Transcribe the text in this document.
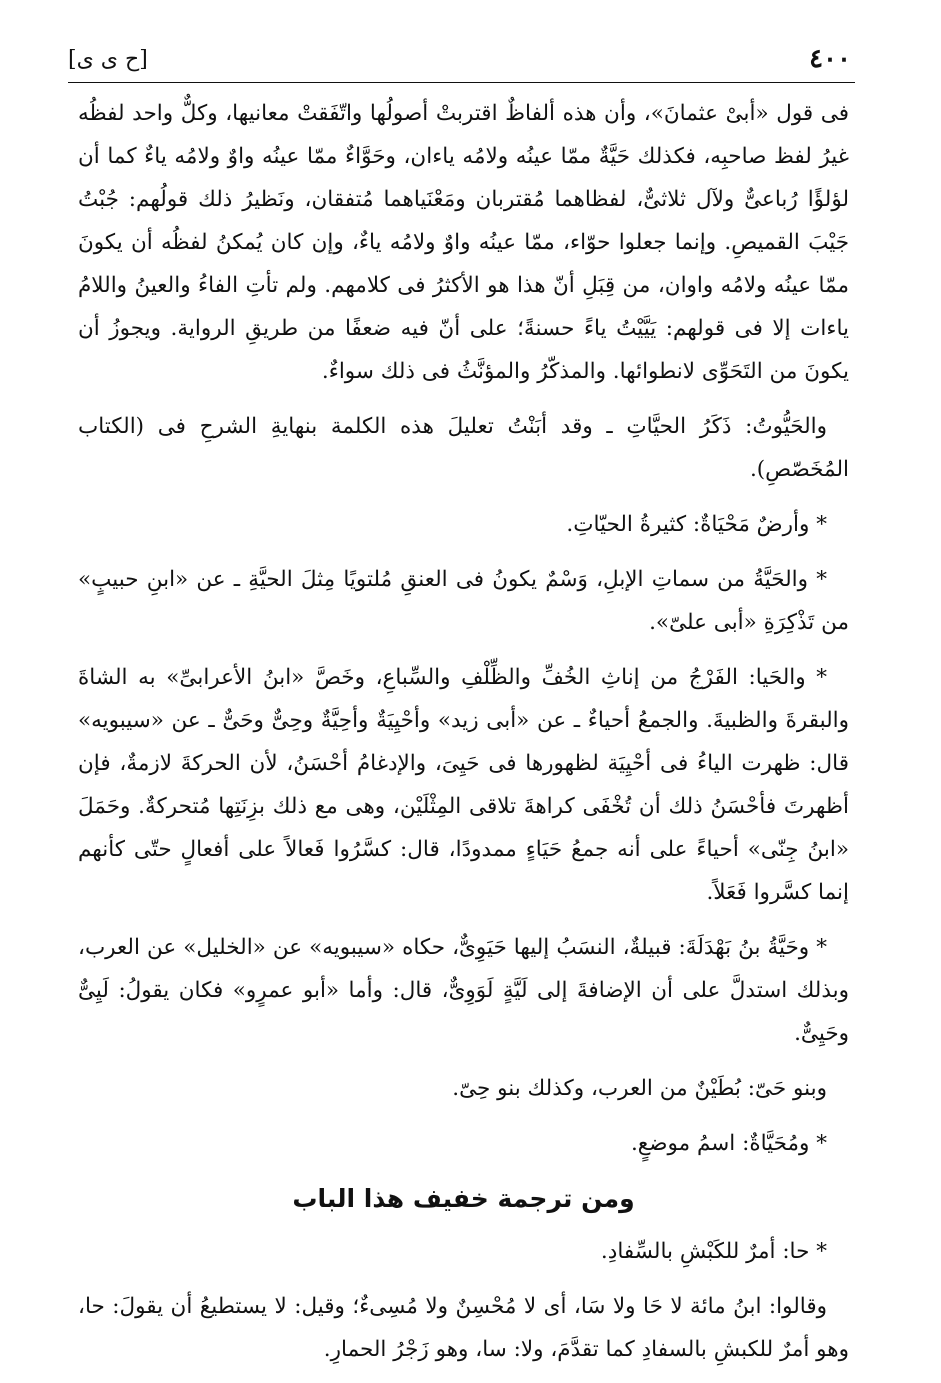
[ح ى ى]	٤٠٠

فى قول «أبىْ عثمانَ»، وأن هذه ألفاظٌ اقتربتْ أصولُها واتّفَقتْ معانيها، وكلٌّ واحد لفظُه غيرُ لفظ صاحبِه، فكذلك حَيَّةٌ ممّا عينُه ولامُه ياءان، وحَوَّاءٌ ممّا عينُه واوٌ ولامُه ياءٌ كما أن لؤلؤًا رُباعىٌّ ولآل ثلاثىٌّ، لفظاهما مُقتربان ومَعْنَياهما مُتفقان، ونَظيرُ ذلك قولُهم: جُبْتُ جَيْبَ القميصِ. وإنما جعلوا حوّاء، ممّا عينُه واوٌ ولامُه ياءٌ، وإن كان يُمكنُ لفظُه أن يكونَ ممّا عينُه ولامُه واوان، من قِبَلِ أنّ هذا هو الأكثرُ فى كلامهم. ولم تأتِ الفاءُ والعينُ واللامُ ياءات إلا فى قولهم: يَيَّيْتُ ياءً حسنةً؛ على أنّ فيه ضعفًا من طريقِ الرواية. ويجوزُ أن يكونَ من التَحَوِّى لانطوائها. والمذكّرُ والمؤنَّثُ فى ذلك سواءٌ.

والحَيُّوتُ: ذَكَرُ الحيَّاتِ ـ وقد أبَنْتُ تعليلَ هذه الكلمة بنهايةِ الشرحِ فى (الكتاب المُخَصّصِ).

* وأرضٌ مَحْيَاةٌ: كثيرةُ الحيّاتِ.

* والحَيَّةُ من سماتِ الإبلِ، وَسْمٌ يكونُ فى العنقِ مُلتويًا مِثلَ الحيَّةِ ـ عن «ابنِ حبيبٍ» من تَذْكِرَةِ «أبى علىّ».

* والحَيا: الفَرْجُ من إناثِ الخُفِّ والظِّلْفِ والسِّباعِ، وخَصَّ «ابنُ الأعرابىِّ» به الشاةَ والبقرةَ والظبيةَ. والجمعُ أحياءٌ ـ عن «أبى زيد» وأحْيِيَةٌ وأحِيَّةٌ وحِىٌّ وحَىٌّ ـ عن «سيبويه» قال: ظهرت الياءُ فى أحْيِيَة لظهورها فى حَيِىَ، والإدغامُ أحْسَنُ، لأن الحركةَ لازمةٌ، فإن أظهرتَ فأحْسَنُ ذلك أن تُخْفَى كراهةَ تلاقى المِثْلَيْن، وهى مع ذلك بزِنَتِها مُتحركةٌ. وحَمَلَ «ابنُ جِنّى» أحياءً على أنه جمعُ حَيَاءٍ ممدودًا، قال: كسَّرُوا فَعالاً على أفعالٍ حتّى كأنهم إنما كسَّروا فَعَلاً.

* وحَيَّةُ بنُ بَهْدَلَةَ: قبيلةٌ، النسَبُ إليها حَيَوِىٌّ، حكاه «سيبويه» عن «الخليل» عن العرب، وبذلك استدلَّ على أن الإضافةَ إلى لَيَّةٍ لَوَوِىٌّ، قال: وأما «أبو عمرٍو» فكان يقولُ: لَيِىٌّ وحَيِىٌّ.

وبنو حَىّ: بُطَيْنٌ من العرب، وكذلك بنو حِىّ.

* ومُحَيَّاةٌ: اسمُ موضعٍ.

ومن ترجمة خفيف هذا الباب

* حا: أمرٌ للكَبْشِ بالسِّفادِ.

وقالوا: ابنُ مائة لا حَا ولا سَا، أى لا مُحْسِنٌ ولا مُسِىءٌ؛ وقيل: لا يستطيعُ أن يقولَ: حا، وهو أمرٌ للكبشِ بالسفادِ كما تقدَّمَ، ولا: سا، وهو زَجْرُ الحمارِ.
